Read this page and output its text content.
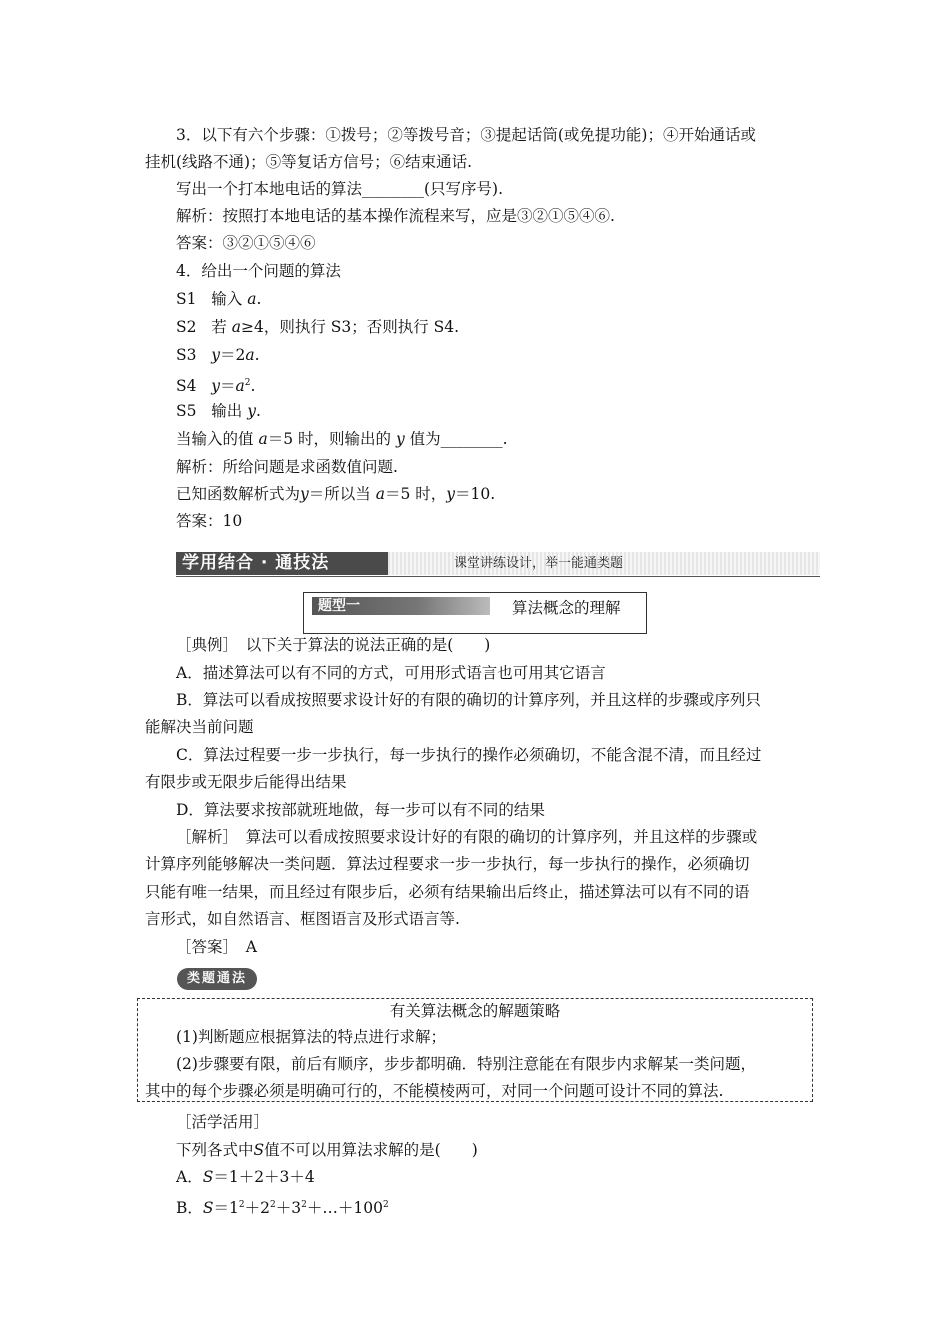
3．以下有六个步骤：①拨号；②等拨号音；③提起话筒(或免提功能)；④开始通话或
挂机(线路不通)；⑤等复话方信号；⑥结束通话.
写出一个打本地电话的算法________(只写序号).
解析：按照打本地电话的基本操作流程来写，应是③②①⑤④⑥.
答案：③②①⑤④⑥
4．给出一个问题的算法
S1 输入 a.
S2 若 a≥4，则执行 S3；否则执行 S4.
S3 y＝2a.
S4 $y=a^2$.
S5 输出 y.
当输入的值 a＝5 时，则输出的 y 值为________.
解析：所给问题是求函数值问题.
已知函数解析式为y＝所以当 a＝5 时，y＝10.
答案：10
学用结合 · 通技法	课堂讲练设计，举一能通类题
题型一	算法概念的理解
［典例］　以下关于算法的说法正确的是(　　)
A．描述算法可以有不同的方式，可用形式语言也可用其它语言
B．算法可以看成按照要求设计好的有限的确切的计算序列，并且这样的步骤或序列只
能解决当前问题
C．算法过程要一步一步执行，每一步执行的操作必须确切，不能含混不清，而且经过
有限步或无限步后能得出结果
D．算法要求按部就班地做，每一步可以有不同的结果
［解析］　算法可以看成按照要求设计好的有限的确切的计算序列，并且这样的步骤或
计算序列能够解决一类问题．算法过程要求一步一步执行，每一步执行的操作，必须确切
只能有唯一结果，而且经过有限步后，必须有结果输出后终止，描述算法可以有不同的语
言形式，如自然语言、框图语言及形式语言等.
［答案］　A
类题通法
有关算法概念的解题策略
(1)判断题应根据算法的特点进行求解；
(2)步骤要有限，前后有顺序，步步都明确．特别注意能在有限步内求解某一类问题，
其中的每个步骤必须是明确可行的，不能模棱两可，对同一个问题可设计不同的算法.
［活学活用］
下列各式中S值不可以用算法求解的是(　　)
A．S＝1＋2＋3＋4
B．$S=1^2+2^2+3^2+\dots+100^2$
